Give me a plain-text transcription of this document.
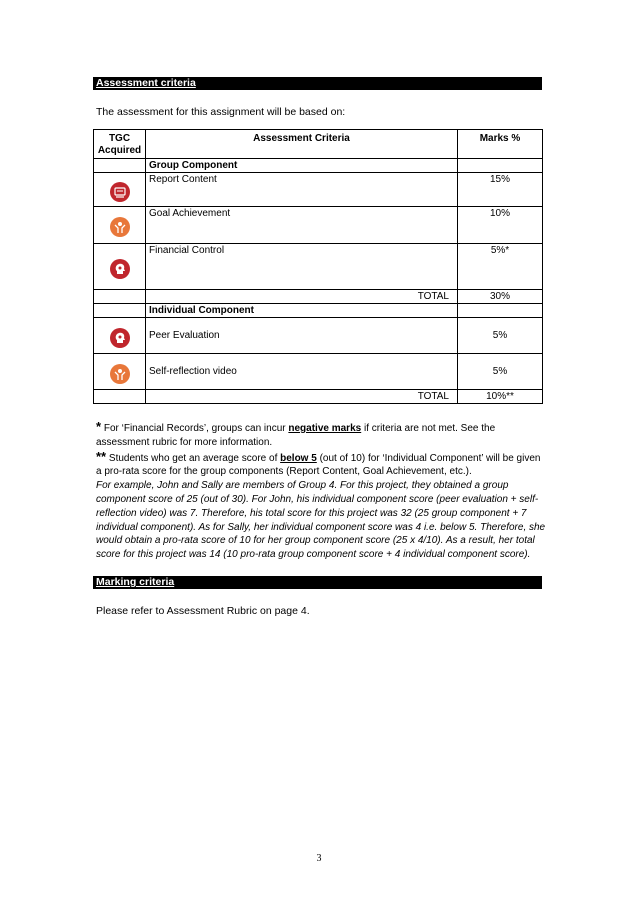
Assessment criteria
The assessment for this assignment will be based on:
TGC Acquired	Assessment Criteria	Marks %
	Group Component	

	Report Content	15%

	Goal Achievement	10%

	Financial Control	5%*
	TOTAL	30%
	Individual Component	

	Peer Evaluation	5%

	Self-reflection video	5%
	TOTAL	10%**
* For ‘Financial Records’, groups can incur negative marks if criteria are not met. See the assessment rubric for more information.
** Students who get an average score of below 5 (out of 10) for ‘Individual Component’ will be given a pro-rata score for the group components (Report Content, Goal Achievement, etc.).
For example, John and Sally are members of Group 4. For this project, they obtained a group component score of 25 (out of 30). For John, his individual component score (peer evaluation + self-reflection video) was 7. Therefore, his total score for this project was 32 (25 group component + 7 individual component). As for Sally, her individual component score was 4 i.e. below 5. Therefore, she would obtain a pro-rata score of 10 for her group component score (25 x 4/10). As a result, her total score for this project was 14 (10 pro-rata group component score + 4 individual component score).
Marking criteria
Please refer to Assessment Rubric on page 4.
3
